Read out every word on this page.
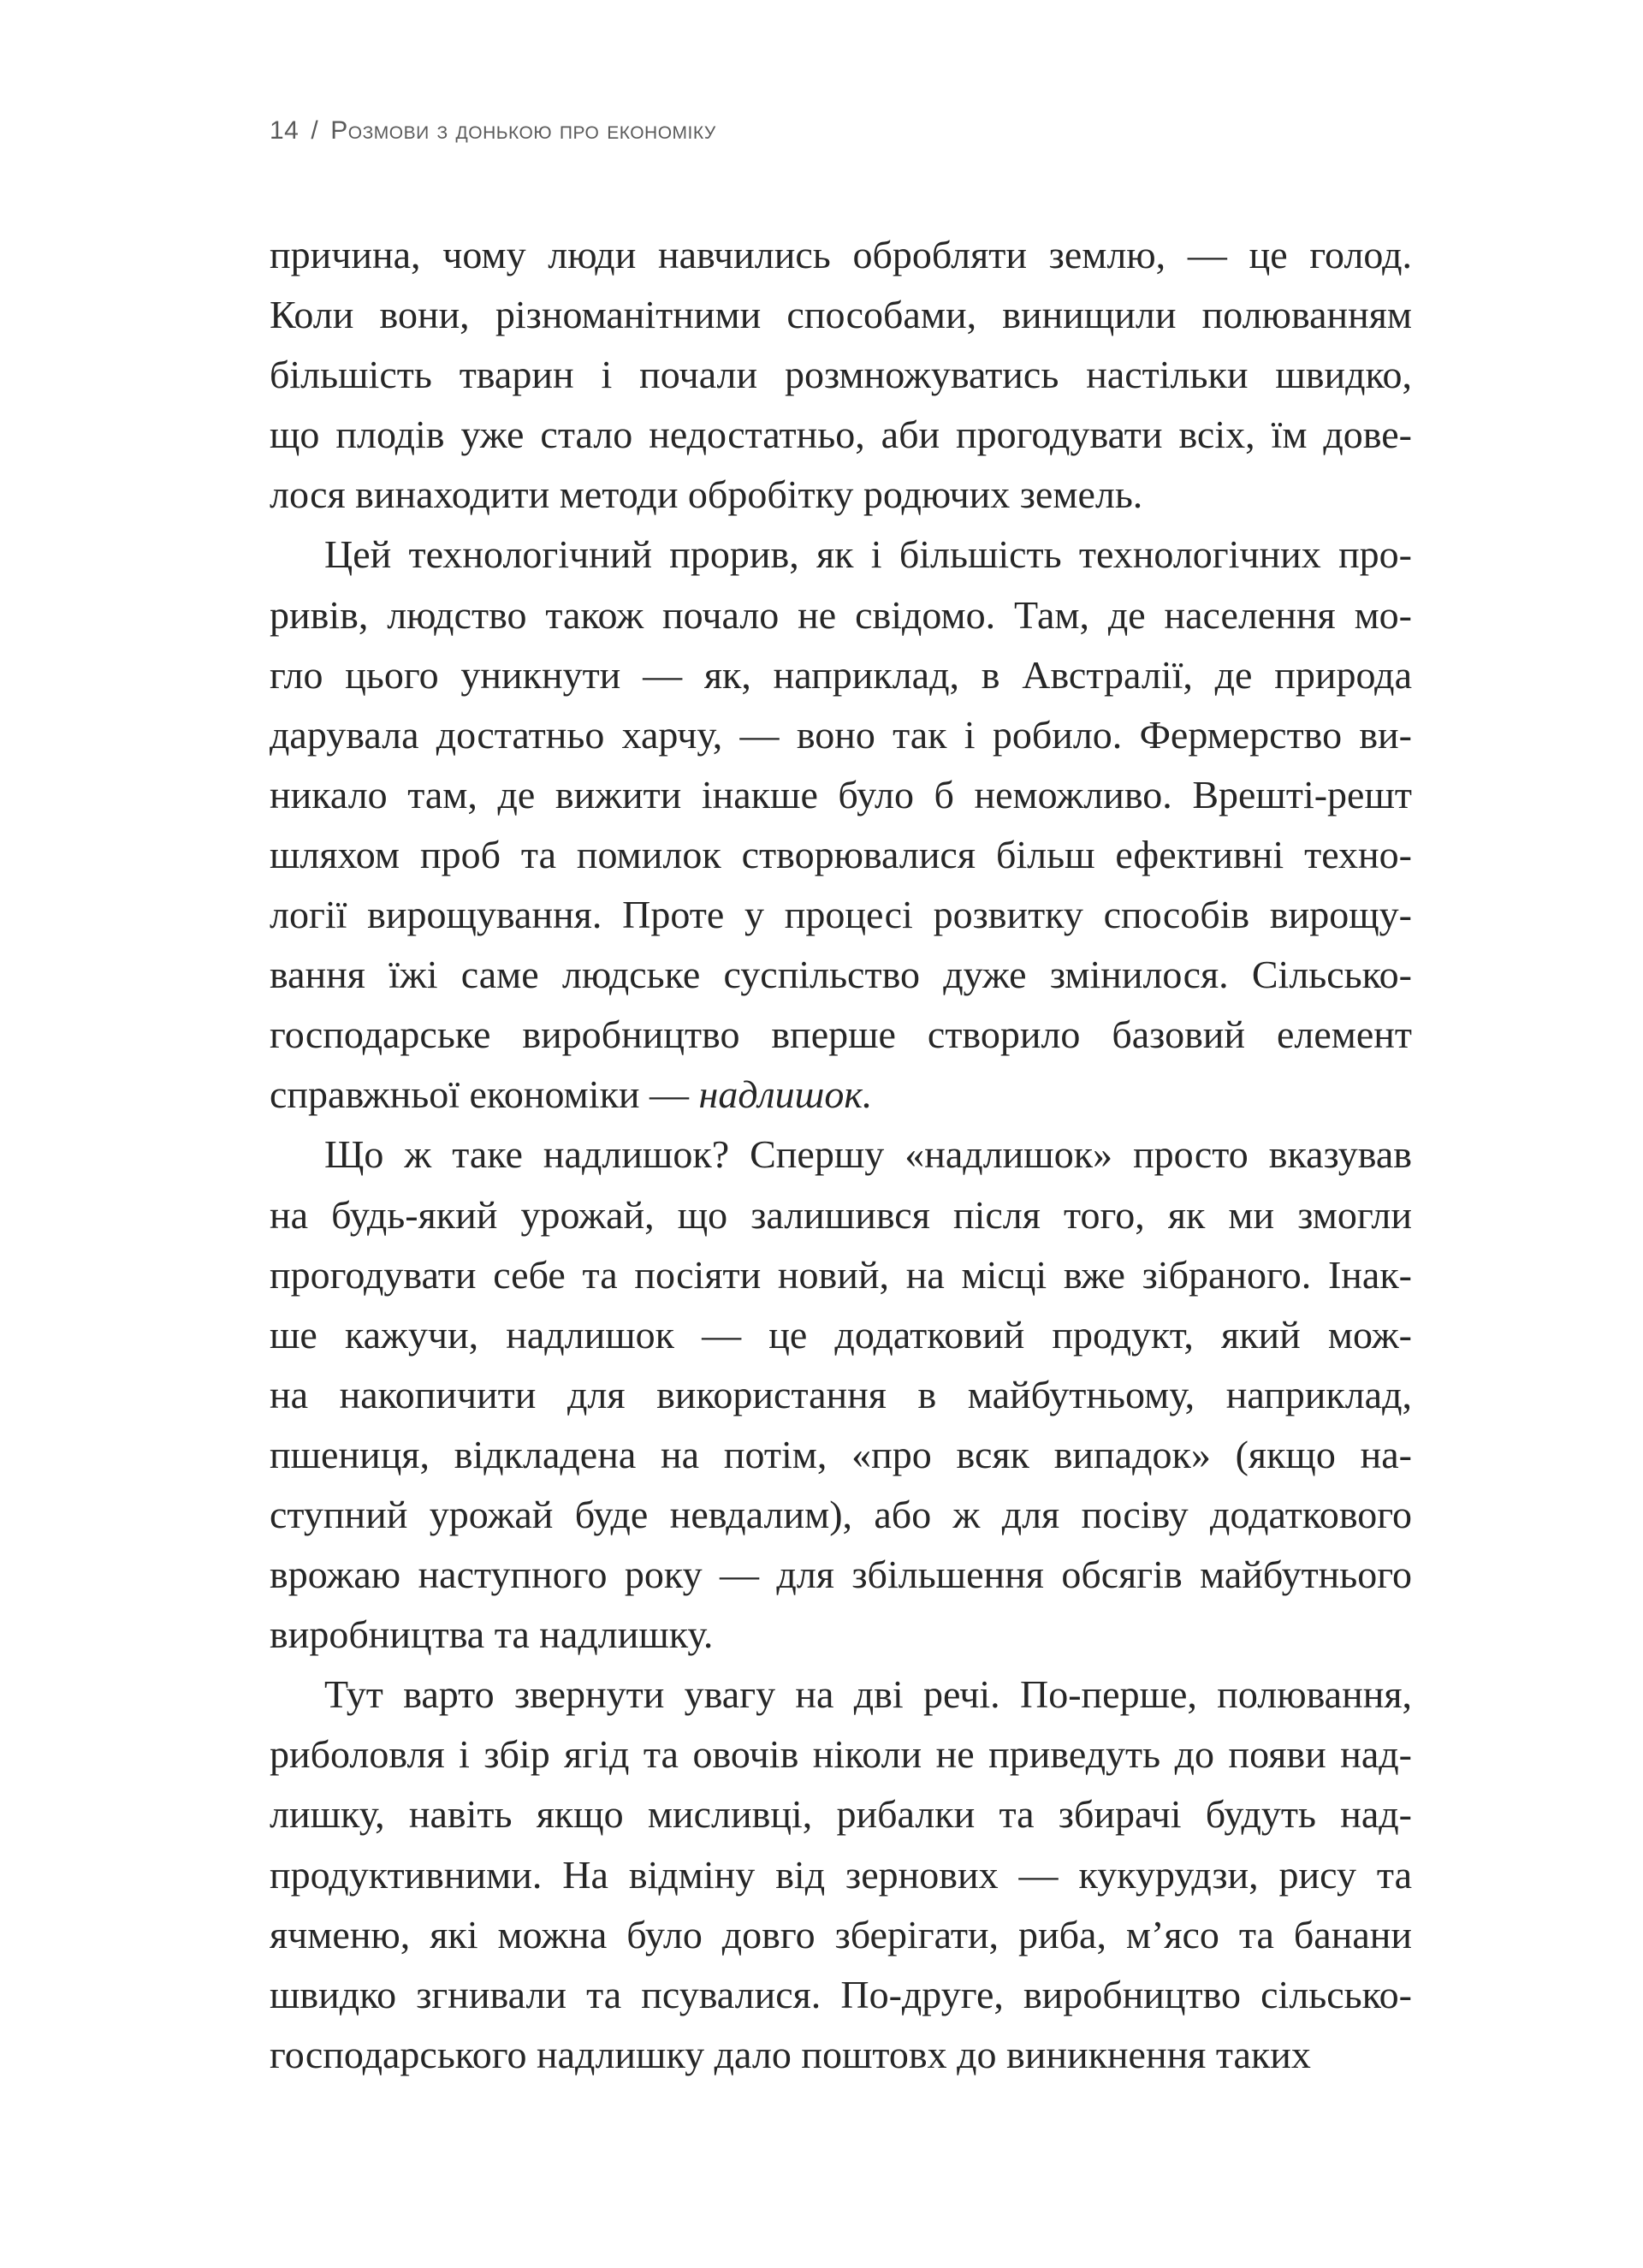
14 / Розмови з донькою про економіку
причина, чому люди навчились обробляти землю, — це голод.
Коли вони, різноманітними способами, винищили полюванням
більшість тварин і почали розмножуватись настільки швидко,
що плодів уже стало недостатньо, аби прогодувати всіх, їм дове-
лося винаходити методи обробітку родючих земель.
Цей технологічний прорив, як і більшість технологічних про-
ривів, людство також почало не свідомо. Там, де населення мо-
гло цього уникнути — як, наприклад, в Австралії, де природа
дарувала достатньо харчу, — воно так і робило. Фермерство ви-
никало там, де вижити інакше було б неможливо. Врешті-решт
шляхом проб та помилок створювалися більш ефективні техно-
логії вирощування. Проте у процесі розвитку способів вирощу-
вання їжі саме людське суспільство дуже змінилося. Сільсько-
господарське виробництво вперше створило базовий елемент
справжньої економіки — надлишок.
Що ж таке надлишок? Спершу «надлишок» просто вказував
на будь-який урожай, що залишився після того, як ми змогли
прогодувати себе та посіяти новий, на місці вже зібраного. Інак-
ше кажучи, надлишок — це додатковий продукт, який мож-
на накопичити для використання в майбутньому, наприклад,
пшениця, відкладена на потім, «про всяк випадок» (якщо на-
ступний урожай буде невдалим), або ж для посіву додаткового
врожаю наступного року — для збільшення обсягів майбутнього
виробництва та надлишку.
Тут варто звернути увагу на дві речі. По-перше, полювання,
риболовля і збір ягід та овочів ніколи не приведуть до появи над-
лишку, навіть якщо мисливці, рибалки та збирачі будуть над-
продуктивними. На відміну від зернових — кукурудзи, рису та
ячменю, які можна було довго зберігати, риба, м’ясо та банани
швидко згнивали та псувалися. По-друге, виробництво сільсько-
господарського надлишку дало поштовх до виникнення таких
